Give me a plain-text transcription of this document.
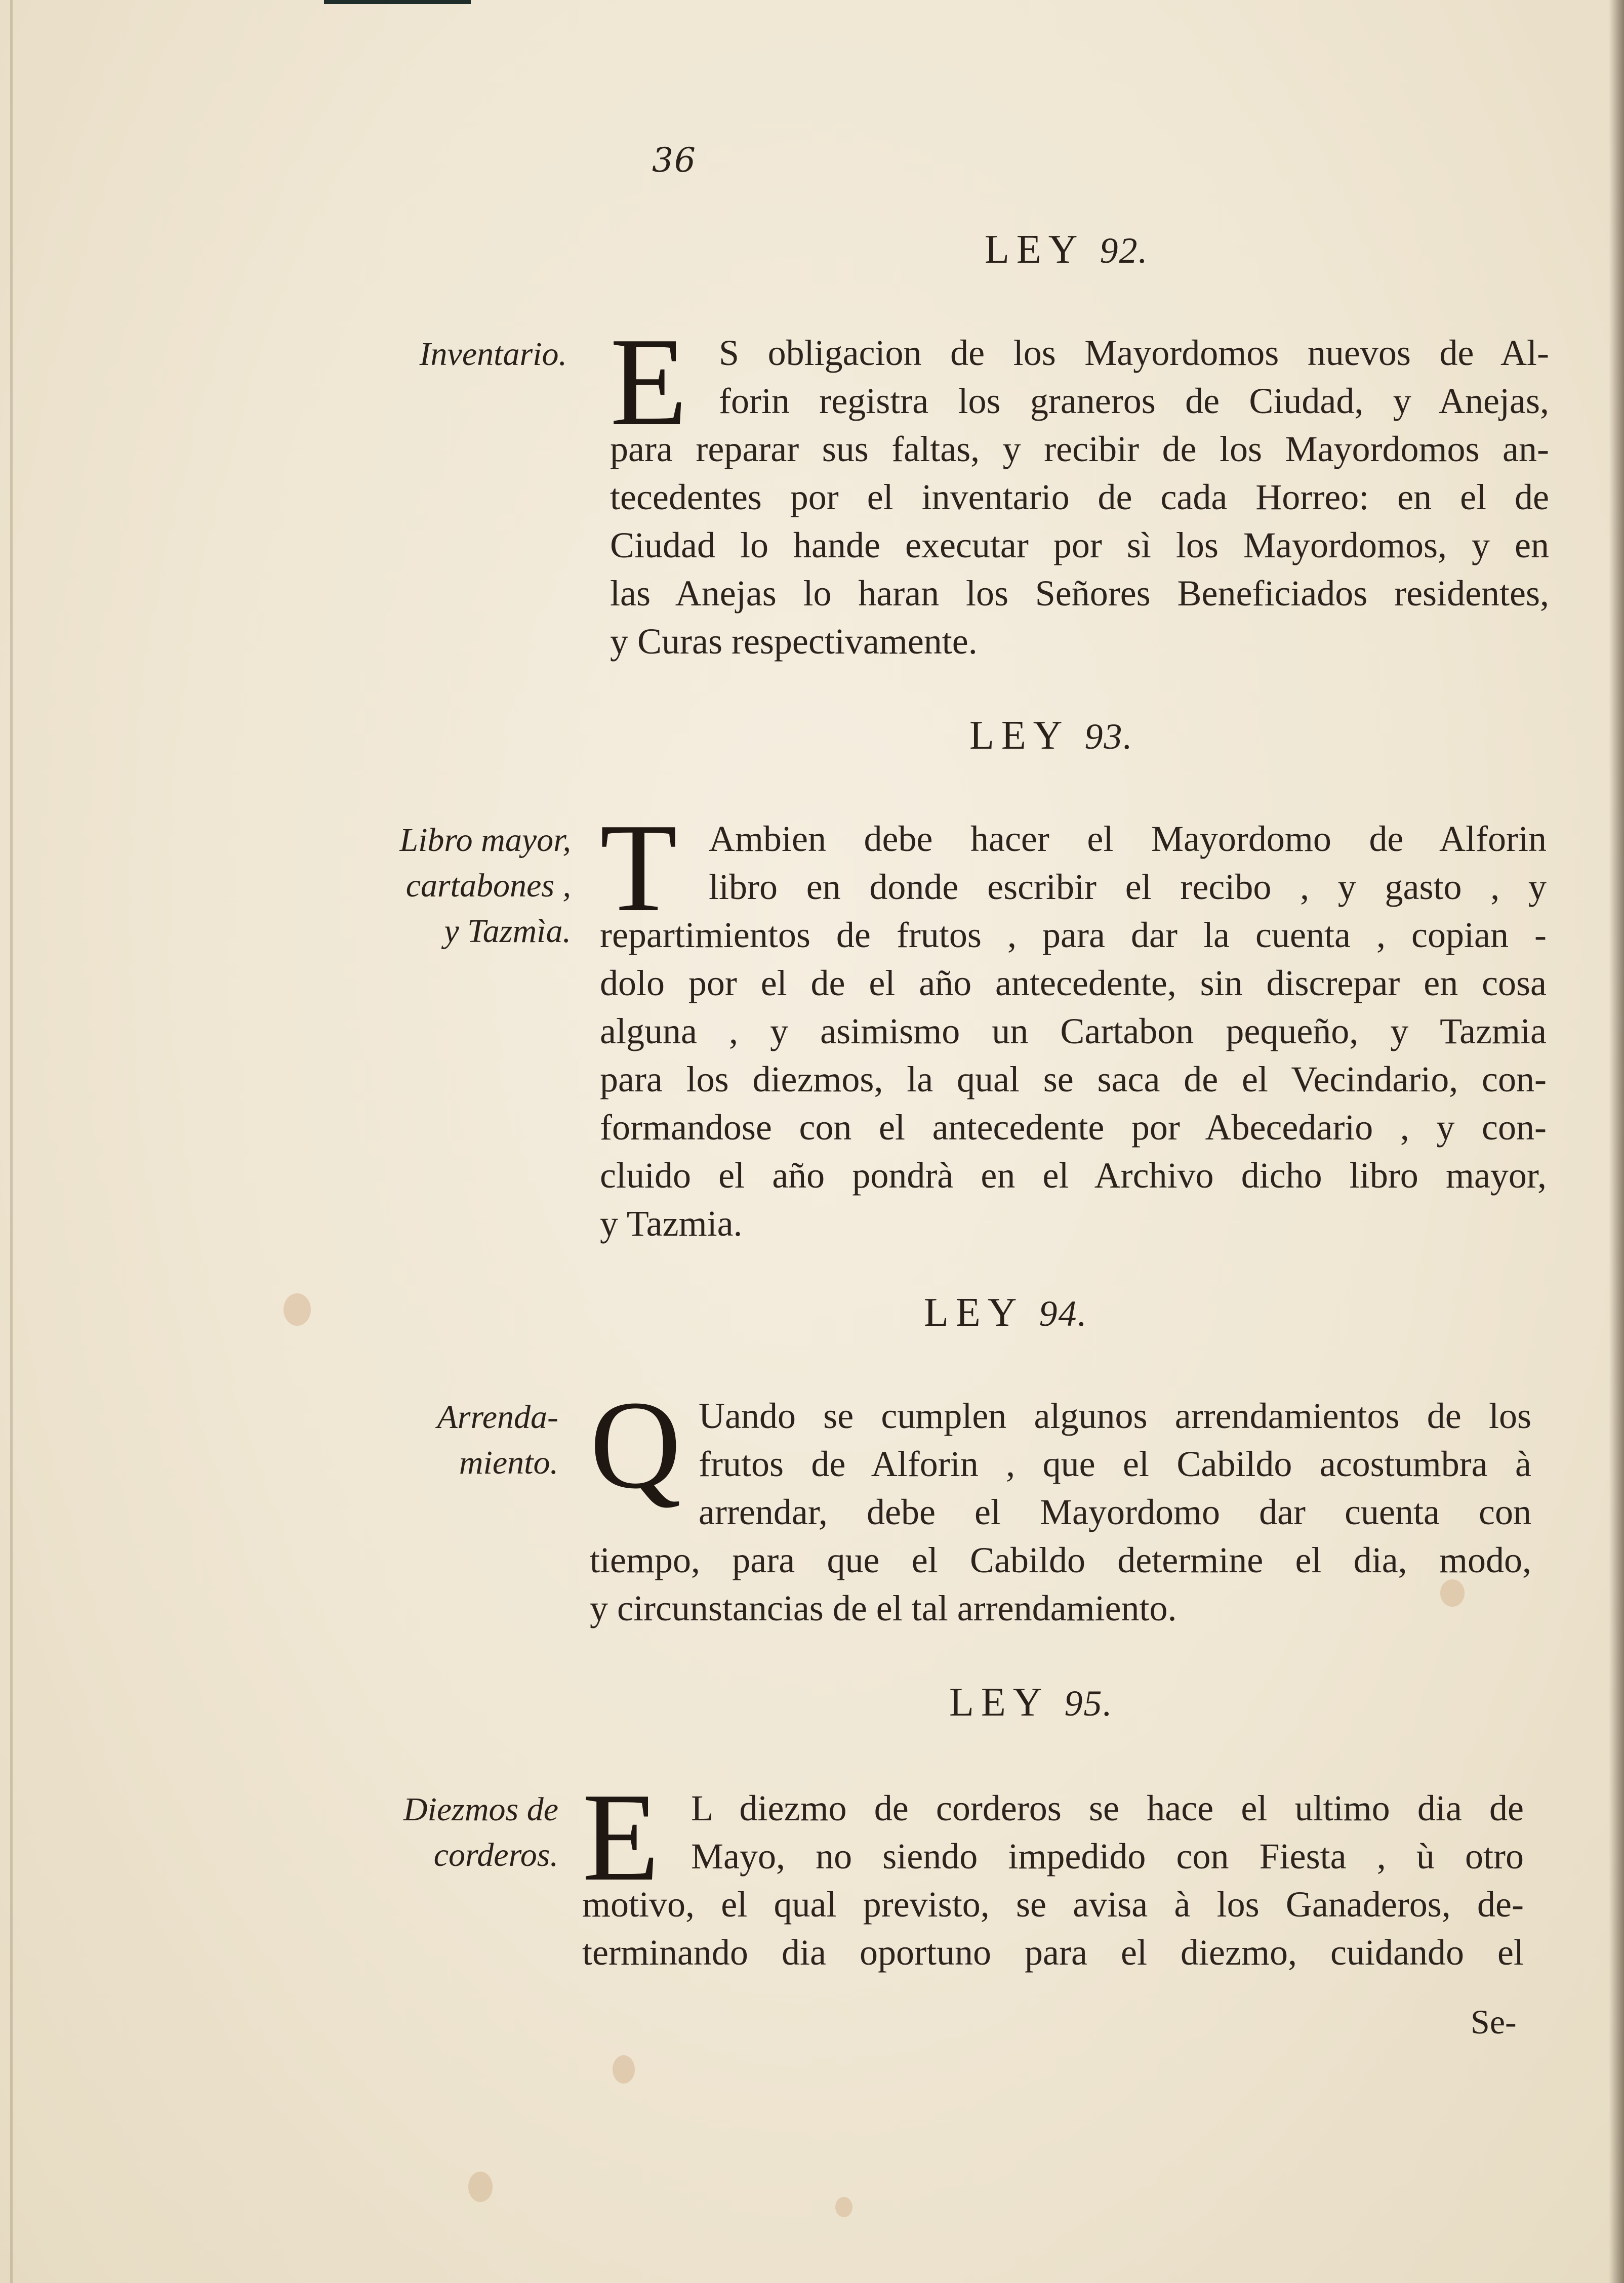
36
LEY 92.
Inventario. E S obligacion de los Mayordomos nuevos de Al-
forin registra los graneros de Ciudad, y Anejas,
para reparar sus faltas, y recibir de los Mayordomos an-
tecedentes por el inventario de cada Horreo: en el de
Ciudad lo hande executar por sì los Mayordomos, y en
las Anejas lo haran los Señores Beneficiados residentes,
y Curas respectivamente.
LEY 93.
Libro mayor,
cartabones ,
y Tazmìa. T Ambien debe hacer el Mayordomo de Alforin
libro en donde escribir el recibo , y gasto , y
repartimientos de frutos , para dar la cuenta , copian -
dolo por el de el año antecedente, sin discrepar en cosa
alguna , y asimismo un Cartabon pequeño, y Tazmia
para los diezmos, la qual se saca de el Vecindario, con-
formandose con el antecedente por Abecedario , y con-
cluido el año pondrà en el Archivo dicho libro mayor,
y Tazmia.
LEY 94.
Arrenda-
miento. Q Uando se cumplen algunos arrendamientos de los
frutos de Alforin , que el Cabildo acostumbra à
arrendar, debe el Mayordomo dar cuenta con
tiempo, para que el Cabildo determine el dia, modo,
y circunstancias de el tal arrendamiento.
LEY 95.
Diezmos de
corderos. E L diezmo de corderos se hace el ultimo dia de
Mayo, no siendo impedido con Fiesta , ù otro
motivo, el qual previsto, se avisa à los Ganaderos, de-
terminando dia oportuno para el diezmo, cuidando el
Se-
